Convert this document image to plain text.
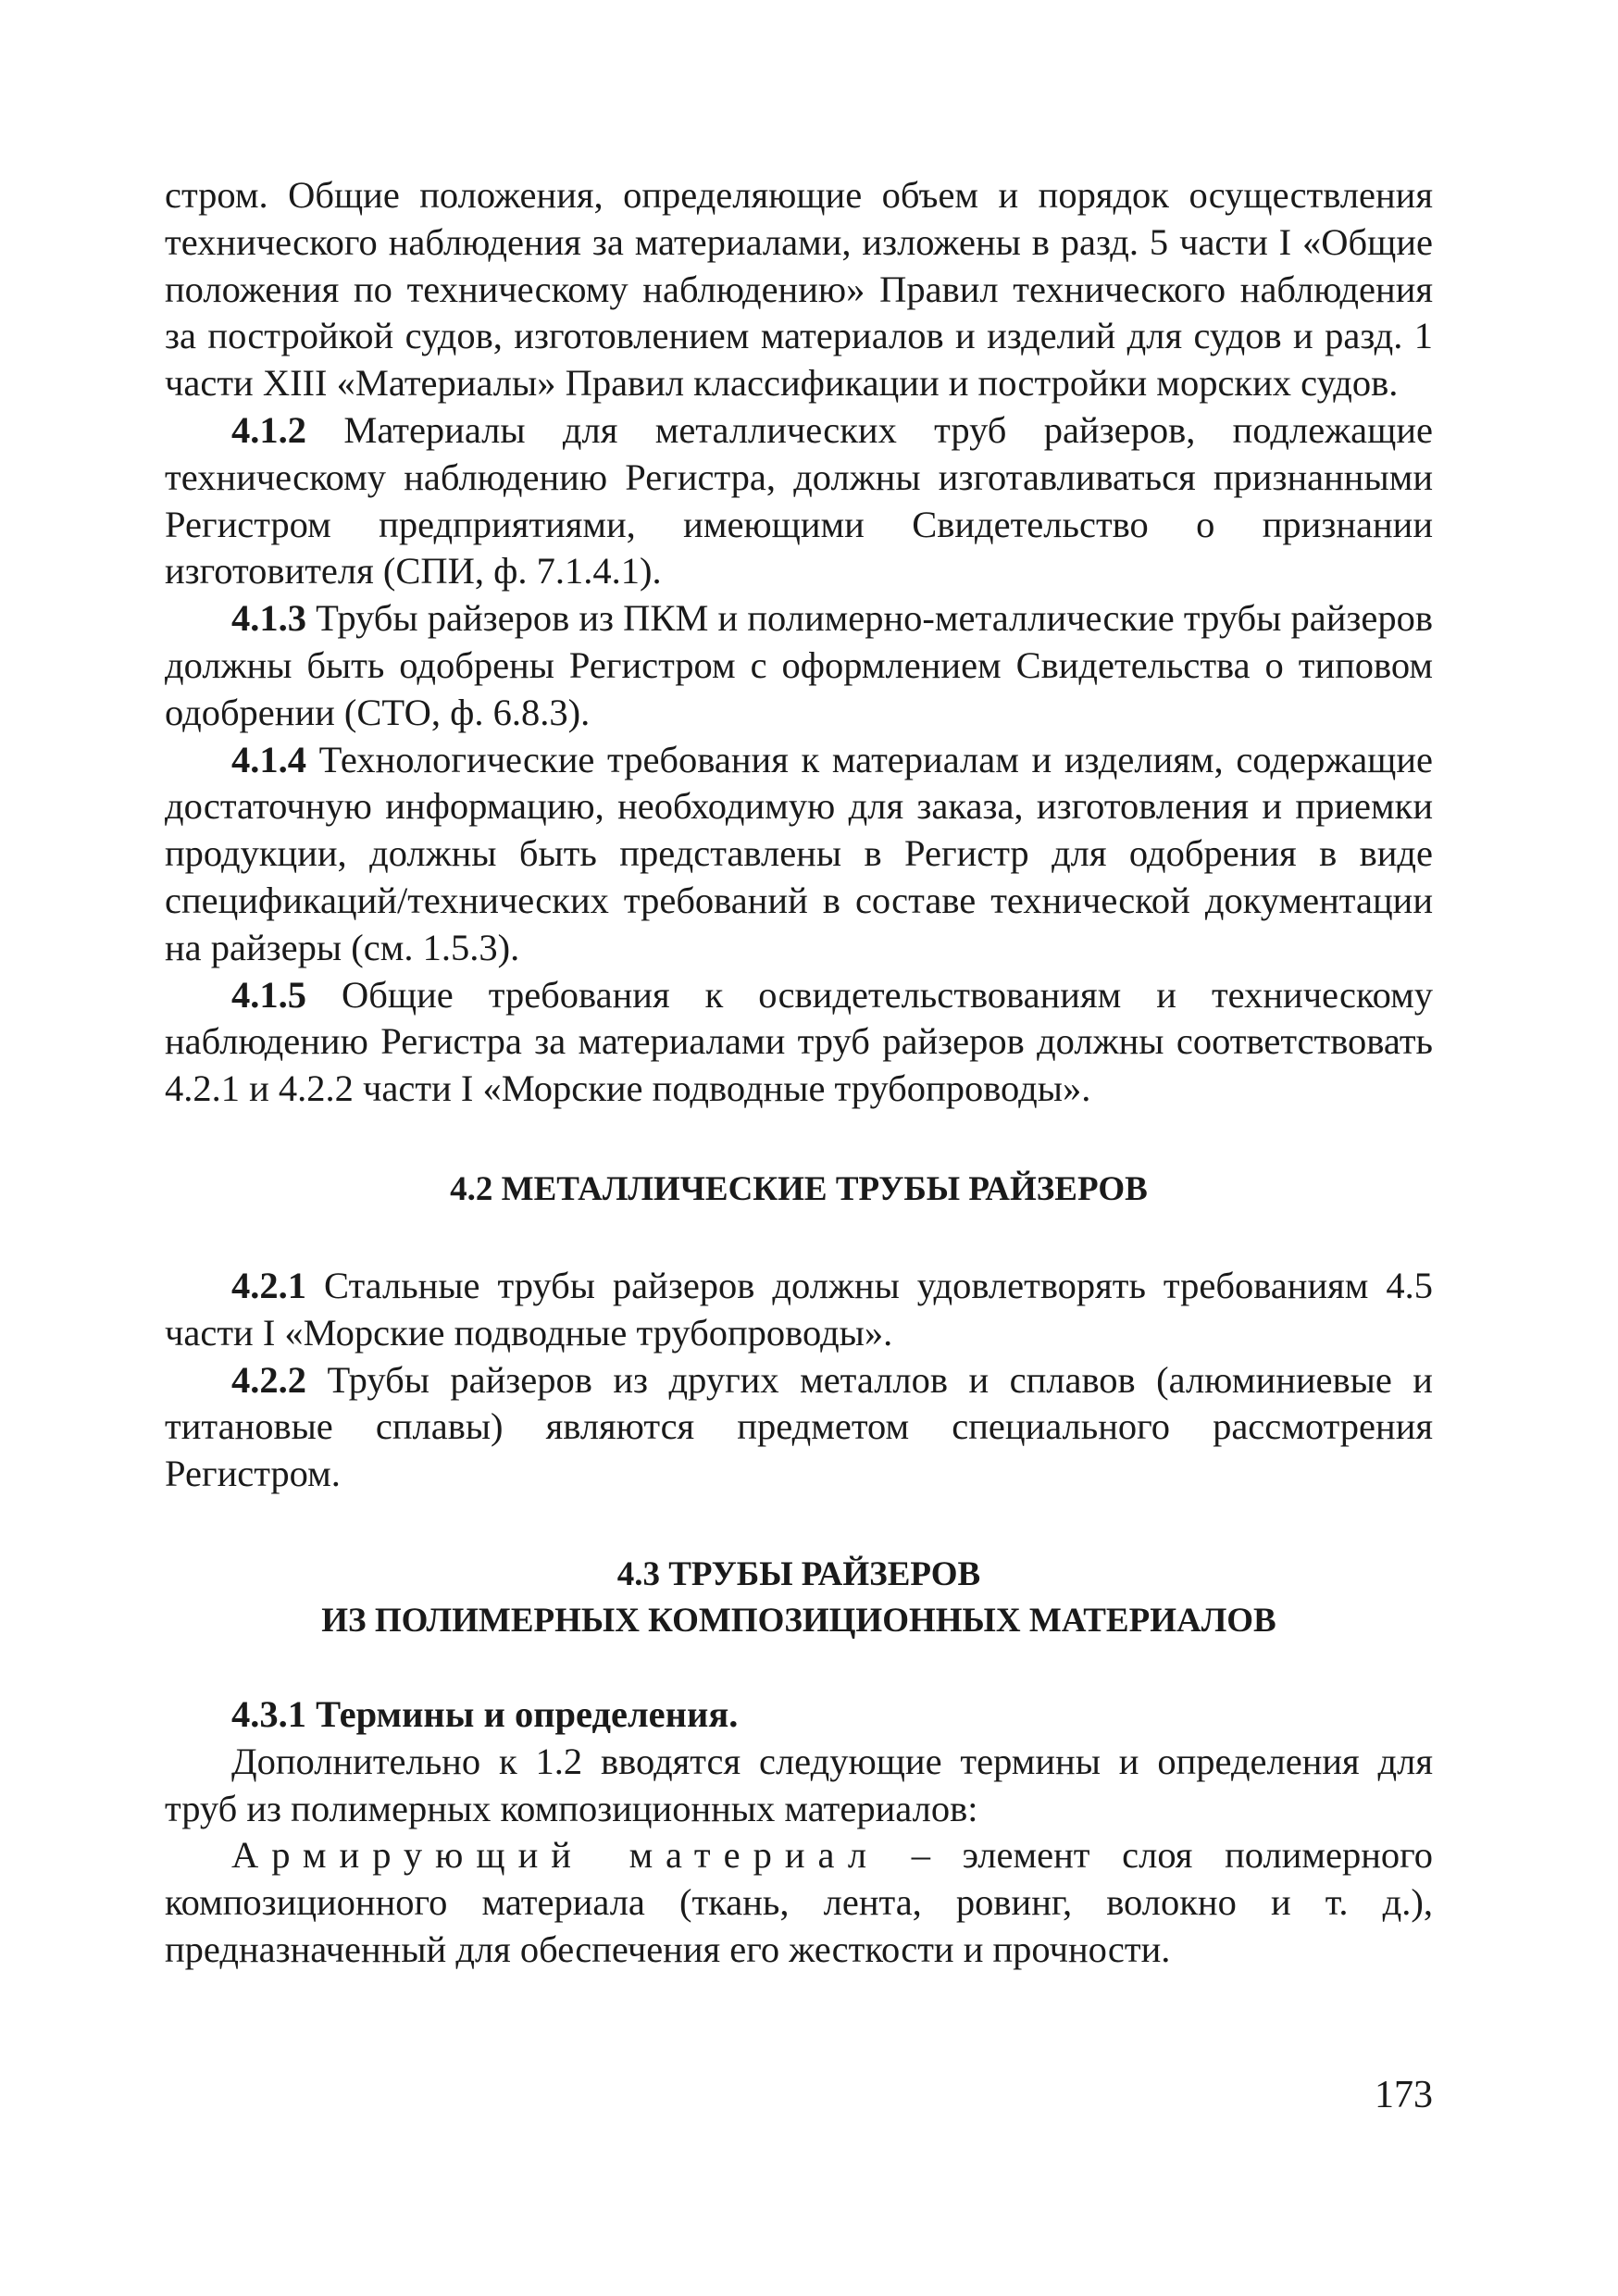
стром. Общие положения, определяющие объем и порядок осуществления технического наблюдения за материалами, изложены в разд. 5 части I «Общие положения по техническому наблюдению» Правил технического наблюдения за постройкой судов, изготовлением материалов и изделий для судов и разд. 1 части XIII «Материалы» Правил классификации и постройки морских судов.

4.1.2 Материалы для металлических труб райзеров, подлежащие техническому наблюдению Регистра, должны изготавливаться признанными Регистром предприятиями, имеющими Свидетельство о признании изготовителя (СПИ, ф. 7.1.4.1).

4.1.3 Трубы райзеров из ПКМ и полимерно-металлические трубы райзеров должны быть одобрены Регистром с оформлением Свидетельства о типовом одобрении (СТО, ф. 6.8.3).

4.1.4 Технологические требования к материалам и изделиям, содержащие достаточную информацию, необходимую для заказа, изготовления и приемки продукции, должны быть представлены в Регистр для одобрения в виде спецификаций/технических требований в составе технической документации на райзеры (см. 1.5.3).

4.1.5 Общие требования к освидетельствованиям и техническому наблюдению Регистра за материалами труб райзеров должны соответствовать 4.2.1 и 4.2.2 части I «Морские подводные трубопроводы».

4.2 МЕТАЛЛИЧЕСКИЕ ТРУБЫ РАЙЗЕРОВ

4.2.1 Стальные трубы райзеров должны удовлетворять требованиям 4.5 части I «Морские подводные трубопроводы».

4.2.2 Трубы райзеров из других металлов и сплавов (алюминиевые и титановые сплавы) являются предметом специального рассмотрения Регистром.

4.3 ТРУБЫ РАЙЗЕРОВ
ИЗ ПОЛИМЕРНЫХ КОМПОЗИЦИОННЫХ МАТЕРИАЛОВ

4.3.1 Термины и определения.

Дополнительно к 1.2 вводятся следующие термины и определения для труб из полимерных композиционных материалов:

Армирующий материал – элемент слоя полимерного композиционного материала (ткань, лента, ровинг, волокно и т. д.), предназначенный для обеспечения его жесткости и прочности.

173
